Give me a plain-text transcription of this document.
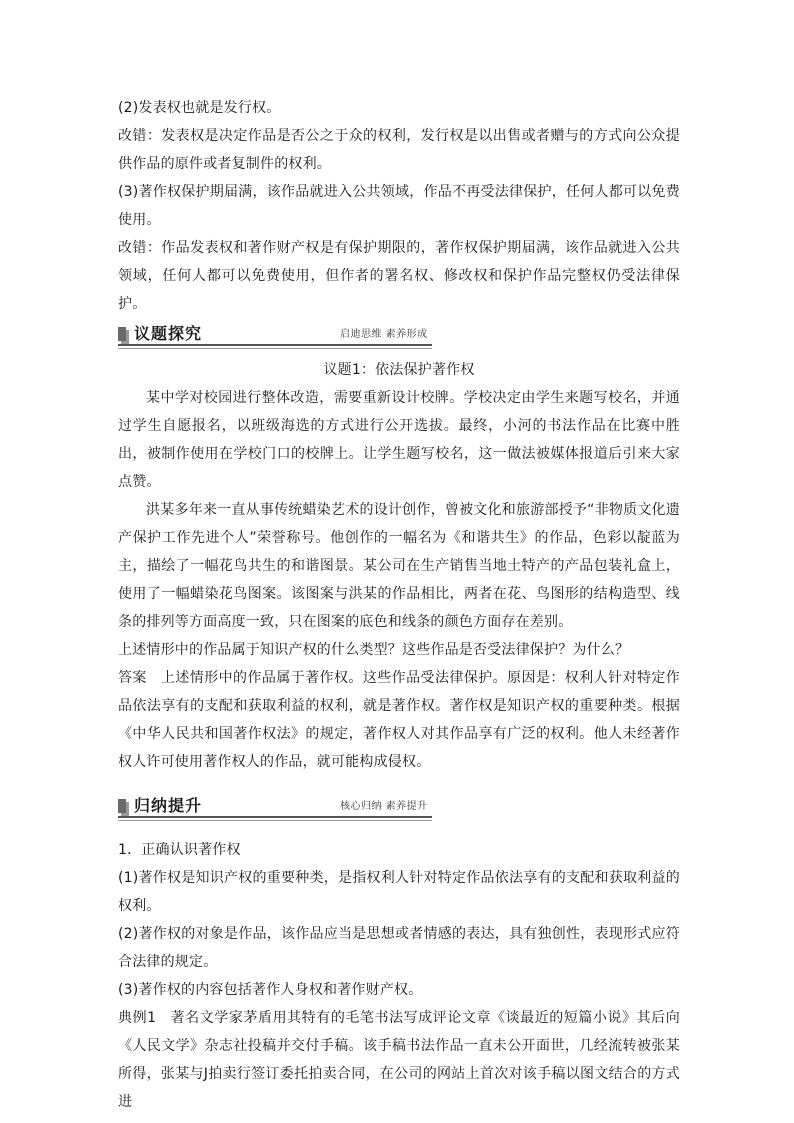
(2)发表权也就是发行权。

改错：发表权是决定作品是否公之于众的权利，发行权是以出售或者赠与的方式向公众提供作品的原件或者复制件的权利。

(3)著作权保护期届满，该作品就进入公共领域，作品不再受法律保护，任何人都可以免费使用。

改错：作品发表权和著作财产权是有保护期限的，著作权保护期届满，该作品就进入公共领域，任何人都可以免费使用，但作者的署名权、修改权和保护作品完整权仍受法律保护。

议题探究	启迪思维 素养形成

议题1：依法保护著作权

某中学对校园进行整体改造，需要重新设计校牌。学校决定由学生来题写校名，并通过学生自愿报名，以班级海选的方式进行公开选拔。最终，小河的书法作品在比赛中胜出，被制作使用在学校门口的校牌上。让学生题写校名，这一做法被媒体报道后引来大家点赞。

洪某多年来一直从事传统蜡染艺术的设计创作，曾被文化和旅游部授予“非物质文化遗产保护工作先进个人”荣誉称号。他创作的一幅名为《和谐共生》的作品，色彩以靛蓝为主，描绘了一幅花鸟共生的和谐图景。某公司在生产销售当地土特产的产品包装礼盒上，使用了一幅蜡染花鸟图案。该图案与洪某的作品相比，两者在花、鸟图形的结构造型、线条的排列等方面高度一致，只在图案的底色和线条的颜色方面存在差别。

上述情形中的作品属于知识产权的什么类型？这些作品是否受法律保护？为什么？

答案 上述情形中的作品属于著作权。这些作品受法律保护。原因是：权利人针对特定作品依法享有的支配和获取利益的权利，就是著作权。著作权是知识产权的重要种类。根据《中华人民共和国著作权法》的规定，著作权人对其作品享有广泛的权利。他人未经著作权人许可使用著作权人的作品，就可能构成侵权。

归纳提升	核心归纳 素养提升

1．正确认识著作权

(1)著作权是知识产权的重要种类，是指权利人针对特定作品依法享有的支配和获取利益的权利。

(2)著作权的对象是作品，该作品应当是思想或者情感的表达，具有独创性，表现形式应符合法律的规定。

(3)著作权的内容包括著作人身权和著作财产权。

典例1 著名文学家茅盾用其特有的毛笔书法写成评论文章《谈最近的短篇小说》其后向《人民文学》杂志社投稿并交付手稿。该手稿书法作品一直未公开面世，几经流转被张某所得，张某与J拍卖行签订委托拍卖合同，在公司的网站上首次对该手稿以图文结合的方式进
